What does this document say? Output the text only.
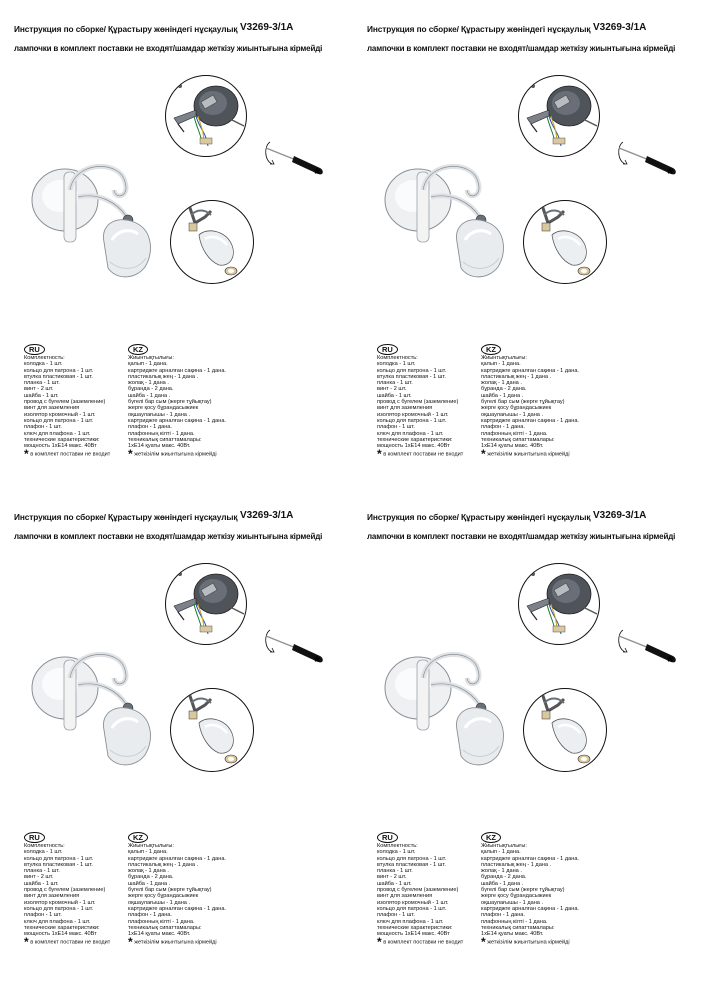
Инструкция по сборке/ Құрастыру жөніндегі нұсқаулық V3269-3/1A
лампочки в комплект поставки не входят/шамдар жеткізу жиынтығына кірмейді
*
RU
Комплектность:
колодка - 1 шт.
кольцо для патрона - 1 шт.
втулка пластиковая - 1 шт.
планка - 1 шт.
винт - 2 шт.
шайба - 1 шт.
провод с бугелем (заземление)
винт для заземления
изолятор кромочный - 1 шт.
кольцо для патрона - 1 шт.
плафон - 1 шт.
ключ для плафона - 1 шт.
технические характеристики:
мощность 1хЕ14 макс. 40Вт
* в комплект поставки не входит
KZ
Жиынтықтылығы:
қалып - 1 дана.
картриджге арналған сақина - 1 дана.
пластикалық жең - 1 дана .
жолақ - 1 дана .
бұранда - 2 дана.
шайба - 1 дана .
бүгелі бар сым (жерге тұйықтау)
жерге қосу бұрандасыжиек
оқшаулағышы - 1 дана .
картриджге арналған сақина - 1 дана.
плафон - 1 дана.
плафонның кілті - 1 дана.
техникалық сипаттамалары:
1хЕ14 қуаты макс. 40Вт.
* жеткізілім жиынтығына кірмейді
Инструкция по сборке/ Құрастыру жөніндегі нұсқаулық V3269-3/1A
лампочки в комплект поставки не входят/шамдар жеткізу жиынтығына кірмейді
*
RU
Комплектность:
колодка - 1 шт.
кольцо для патрона - 1 шт.
втулка пластиковая - 1 шт.
планка - 1 шт.
винт - 2 шт.
шайба - 1 шт.
провод с бугелем (заземление)
винт для заземления
изолятор кромочный - 1 шт.
кольцо для патрона - 1 шт.
плафон - 1 шт.
ключ для плафона - 1 шт.
технические характеристики:
мощность 1хЕ14 макс. 40Вт
* в комплект поставки не входит
KZ
Жиынтықтылығы:
қалып - 1 дана.
картриджге арналған сақина - 1 дана.
пластикалық жең - 1 дана .
жолақ - 1 дана .
бұранда - 2 дана.
шайба - 1 дана .
бүгелі бар сым (жерге тұйықтау)
жерге қосу бұрандасыжиек
оқшаулағышы - 1 дана .
картриджге арналған сақина - 1 дана.
плафон - 1 дана.
плафонның кілті - 1 дана.
техникалық сипаттамалары:
1хЕ14 қуаты макс. 40Вт.
* жеткізілім жиынтығына кірмейді
Инструкция по сборке/ Құрастыру жөніндегі нұсқаулық V3269-3/1A
лампочки в комплект поставки не входят/шамдар жеткізу жиынтығына кірмейді
*
RU
Комплектность:
колодка - 1 шт.
кольцо для патрона - 1 шт.
втулка пластиковая - 1 шт.
планка - 1 шт.
винт - 2 шт.
шайба - 1 шт.
провод с бугелем (заземление)
винт для заземления
изолятор кромочный - 1 шт.
кольцо для патрона - 1 шт.
плафон - 1 шт.
ключ для плафона - 1 шт.
технические характеристики:
мощность 1хЕ14 макс. 40Вт
* в комплект поставки не входит
KZ
Жиынтықтылығы:
қалып - 1 дана.
картриджге арналған сақина - 1 дана.
пластикалық жең - 1 дана .
жолақ - 1 дана .
бұранда - 2 дана.
шайба - 1 дана .
бүгелі бар сым (жерге тұйықтау)
жерге қосу бұрандасыжиек
оқшаулағышы - 1 дана .
картриджге арналған сақина - 1 дана.
плафон - 1 дана.
плафонның кілті - 1 дана.
техникалық сипаттамалары:
1хЕ14 қуаты макс. 40Вт.
* жеткізілім жиынтығына кірмейді
Инструкция по сборке/ Құрастыру жөніндегі нұсқаулық V3269-3/1A
лампочки в комплект поставки не входят/шамдар жеткізу жиынтығына кірмейді
*
RU
Комплектность:
колодка - 1 шт.
кольцо для патрона - 1 шт.
втулка пластиковая - 1 шт.
планка - 1 шт.
винт - 2 шт.
шайба - 1 шт.
провод с бугелем (заземление)
винт для заземления
изолятор кромочный - 1 шт.
кольцо для патрона - 1 шт.
плафон - 1 шт.
ключ для плафона - 1 шт.
технические характеристики:
мощность 1хЕ14 макс. 40Вт
* в комплект поставки не входит
KZ
Жиынтықтылығы:
қалып - 1 дана.
картриджге арналған сақина - 1 дана.
пластикалық жең - 1 дана .
жолақ - 1 дана .
бұранда - 2 дана.
шайба - 1 дана .
бүгелі бар сым (жерге тұйықтау)
жерге қосу бұрандасыжиек
оқшаулағышы - 1 дана .
картриджге арналған сақина - 1 дана.
плафон - 1 дана.
плафонның кілті - 1 дана.
техникалық сипаттамалары:
1хЕ14 қуаты макс. 40Вт.
* жеткізілім жиынтығына кірмейді
